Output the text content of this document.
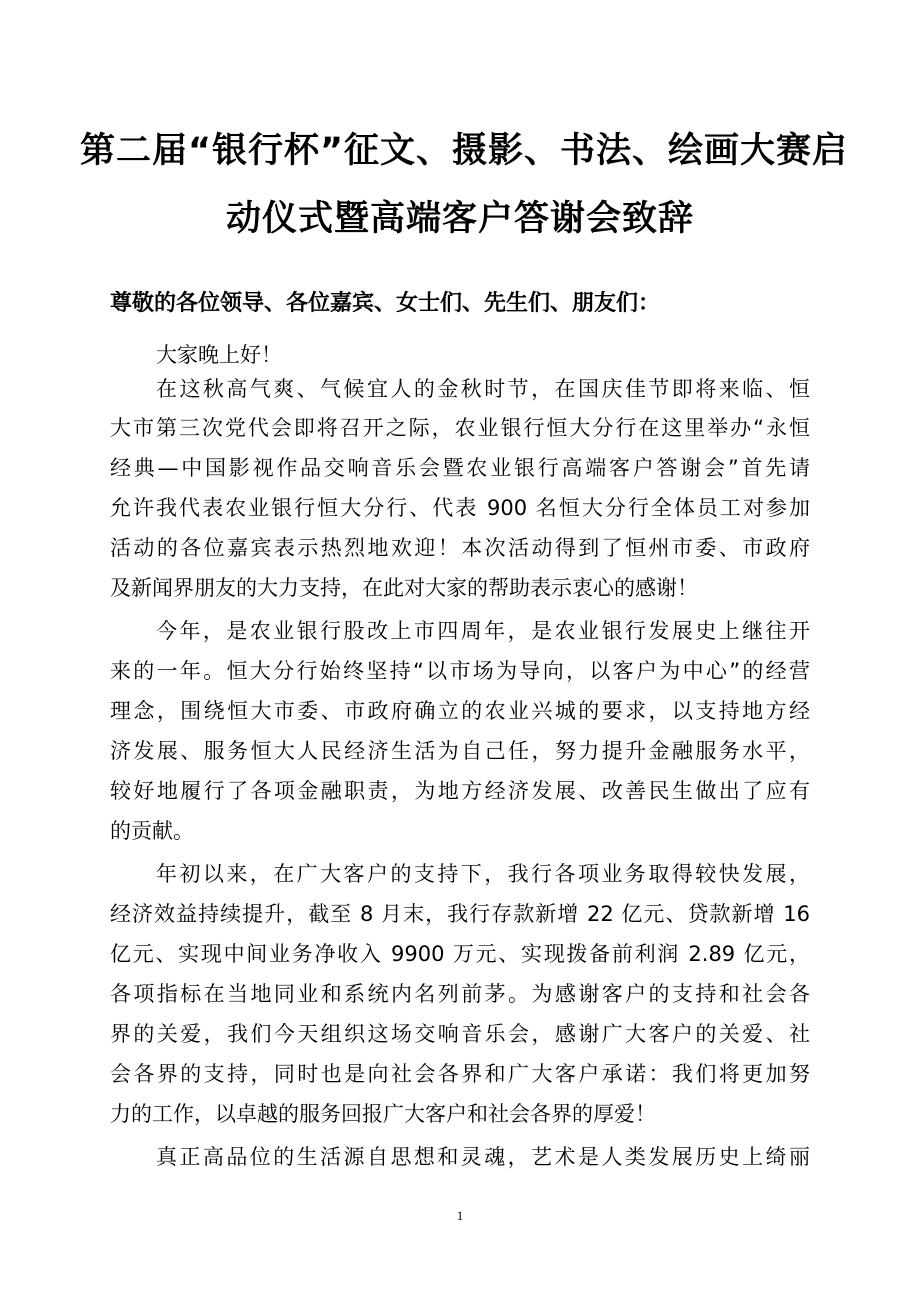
第二届“银行杯”征文、摄影、书法、绘画大赛启
动仪式暨高端客户答谢会致辞
尊敬的各位领导、各位嘉宾、女士们、先生们、朋友们：
大家晚上好！
在这秋高气爽、气候宜人的金秋时节，在国庆佳节即将来临、恒
大市第三次党代会即将召开之际，农业银行恒大分行在这里举办“永恒
经典—中国影视作品交响音乐会暨农业银行高端客户答谢会”首先请
允许我代表农业银行恒大分行、代表 900 名恒大分行全体员工对参加
活动的各位嘉宾表示热烈地欢迎！本次活动得到了恒州市委、市政府
及新闻界朋友的大力支持，在此对大家的帮助表示衷心的感谢！
今年，是农业银行股改上市四周年，是农业银行发展史上继往开
来的一年。恒大分行始终坚持“以市场为导向，以客户为中心”的经营
理念，围绕恒大市委、市政府确立的农业兴城的要求，以支持地方经
济发展、服务恒大人民经济生活为自己任，努力提升金融服务水平，
较好地履行了各项金融职责，为地方经济发展、改善民生做出了应有
的贡献。
年初以来，在广大客户的支持下，我行各项业务取得较快发展，
经济效益持续提升，截至 8 月末，我行存款新增 22 亿元、贷款新增 16
亿元、实现中间业务净收入 9900 万元、实现拨备前利润 2.89 亿元，
各项指标在当地同业和系统内名列前茅。为感谢客户的支持和社会各
界的关爱，我们今天组织这场交响音乐会，感谢广大客户的关爱、社
会各界的支持，同时也是向社会各界和广大客户承诺：我们将更加努
力的工作，以卓越的服务回报广大客户和社会各界的厚爱！
真正高品位的生活源自思想和灵魂，艺术是人类发展历史上绮丽
1
